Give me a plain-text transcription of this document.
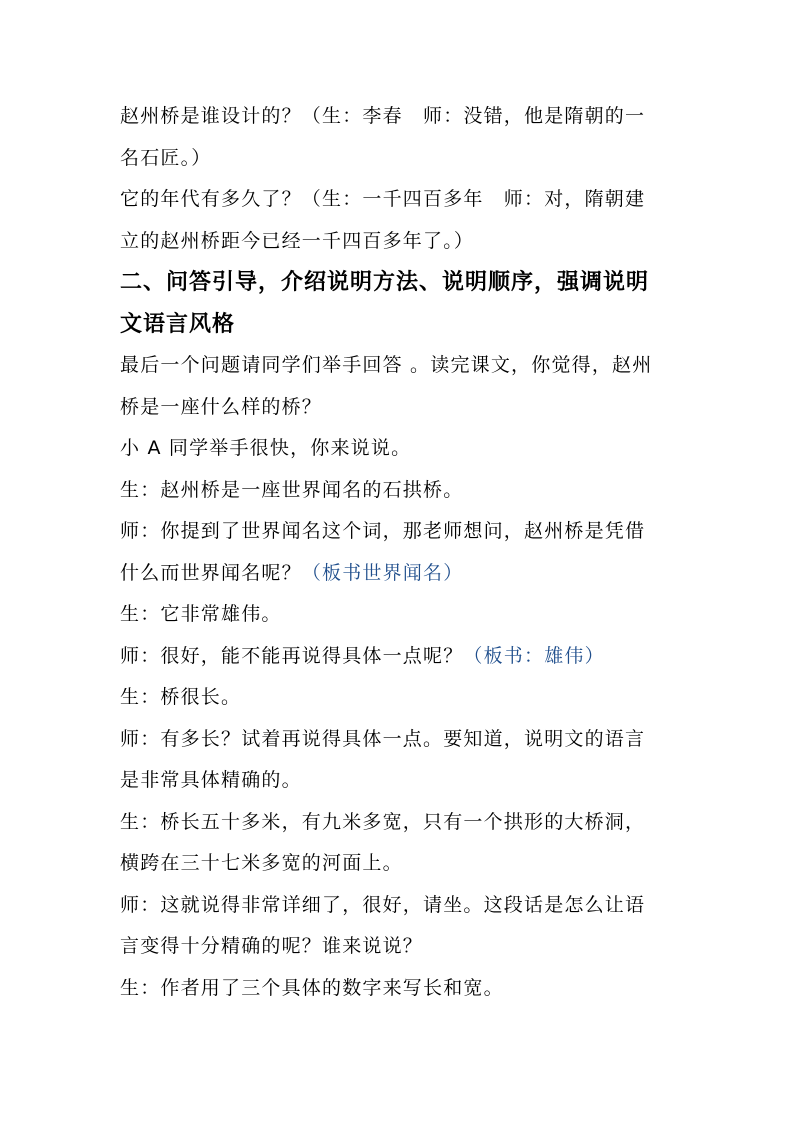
赵州桥是谁设计的？（生：李春　师：没错，他是隋朝的一
名石匠。）
它的年代有多久了？（生：一千四百多年　师：对，隋朝建
立的赵州桥距今已经一千四百多年了。）
二、问答引导，介绍说明方法、说明顺序，强调说明
文语言风格
最后一个问题请同学们举手回答 。读完课文，你觉得，赵州
桥是一座什么样的桥？
小 A 同学举手很快，你来说说。
生：赵州桥是一座世界闻名的石拱桥。
师：你提到了世界闻名这个词，那老师想问，赵州桥是凭借
什么而世界闻名呢？（板书世界闻名）
生：它非常雄伟。
师：很好，能不能再说得具体一点呢？（板书：雄伟）
生：桥很长。
师：有多长？试着再说得具体一点。要知道，说明文的语言
是非常具体精确的。
生：桥长五十多米，有九米多宽，只有一个拱形的大桥洞，
横跨在三十七米多宽的河面上。
师：这就说得非常详细了，很好，请坐。这段话是怎么让语
言变得十分精确的呢？谁来说说？
生：作者用了三个具体的数字来写长和宽。
